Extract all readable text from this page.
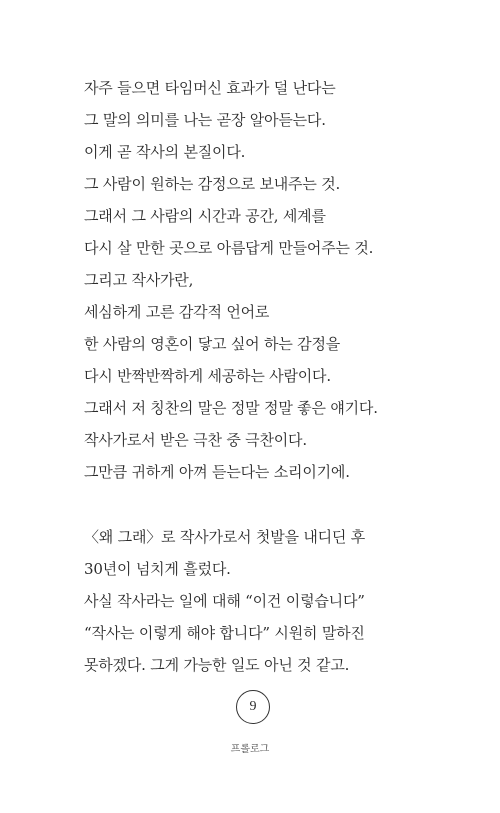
자주 들으면 타임머신 효과가 덜 난다는
그 말의 의미를 나는 곧장 알아듣는다.
이게 곧 작사의 본질이다.
그 사람이 원하는 감정으로 보내주는 것.
그래서 그 사람의 시간과 공간, 세계를
다시 살 만한 곳으로 아름답게 만들어주는 것.
그리고 작사가란,
세심하게 고른 감각적 언어로
한 사람의 영혼이 닿고 싶어 하는 감정을
다시 반짝반짝하게 세공하는 사람이다.
그래서 저 칭찬의 말은 정말 정말 좋은 얘기다.
작사가로서 받은 극찬 중 극찬이다.
그만큼 귀하게 아껴 듣는다는 소리이기에.
〈왜 그래〉로 작사가로서 첫발을 내디딘 후
30년이 넘치게 흘렀다.
사실 작사라는 일에 대해 “이건 이렇습니다”
“작사는 이렇게 해야 합니다” 시원히 말하진
못하겠다. 그게 가능한 일도 아닌 것 같고.
9
프롤로그
